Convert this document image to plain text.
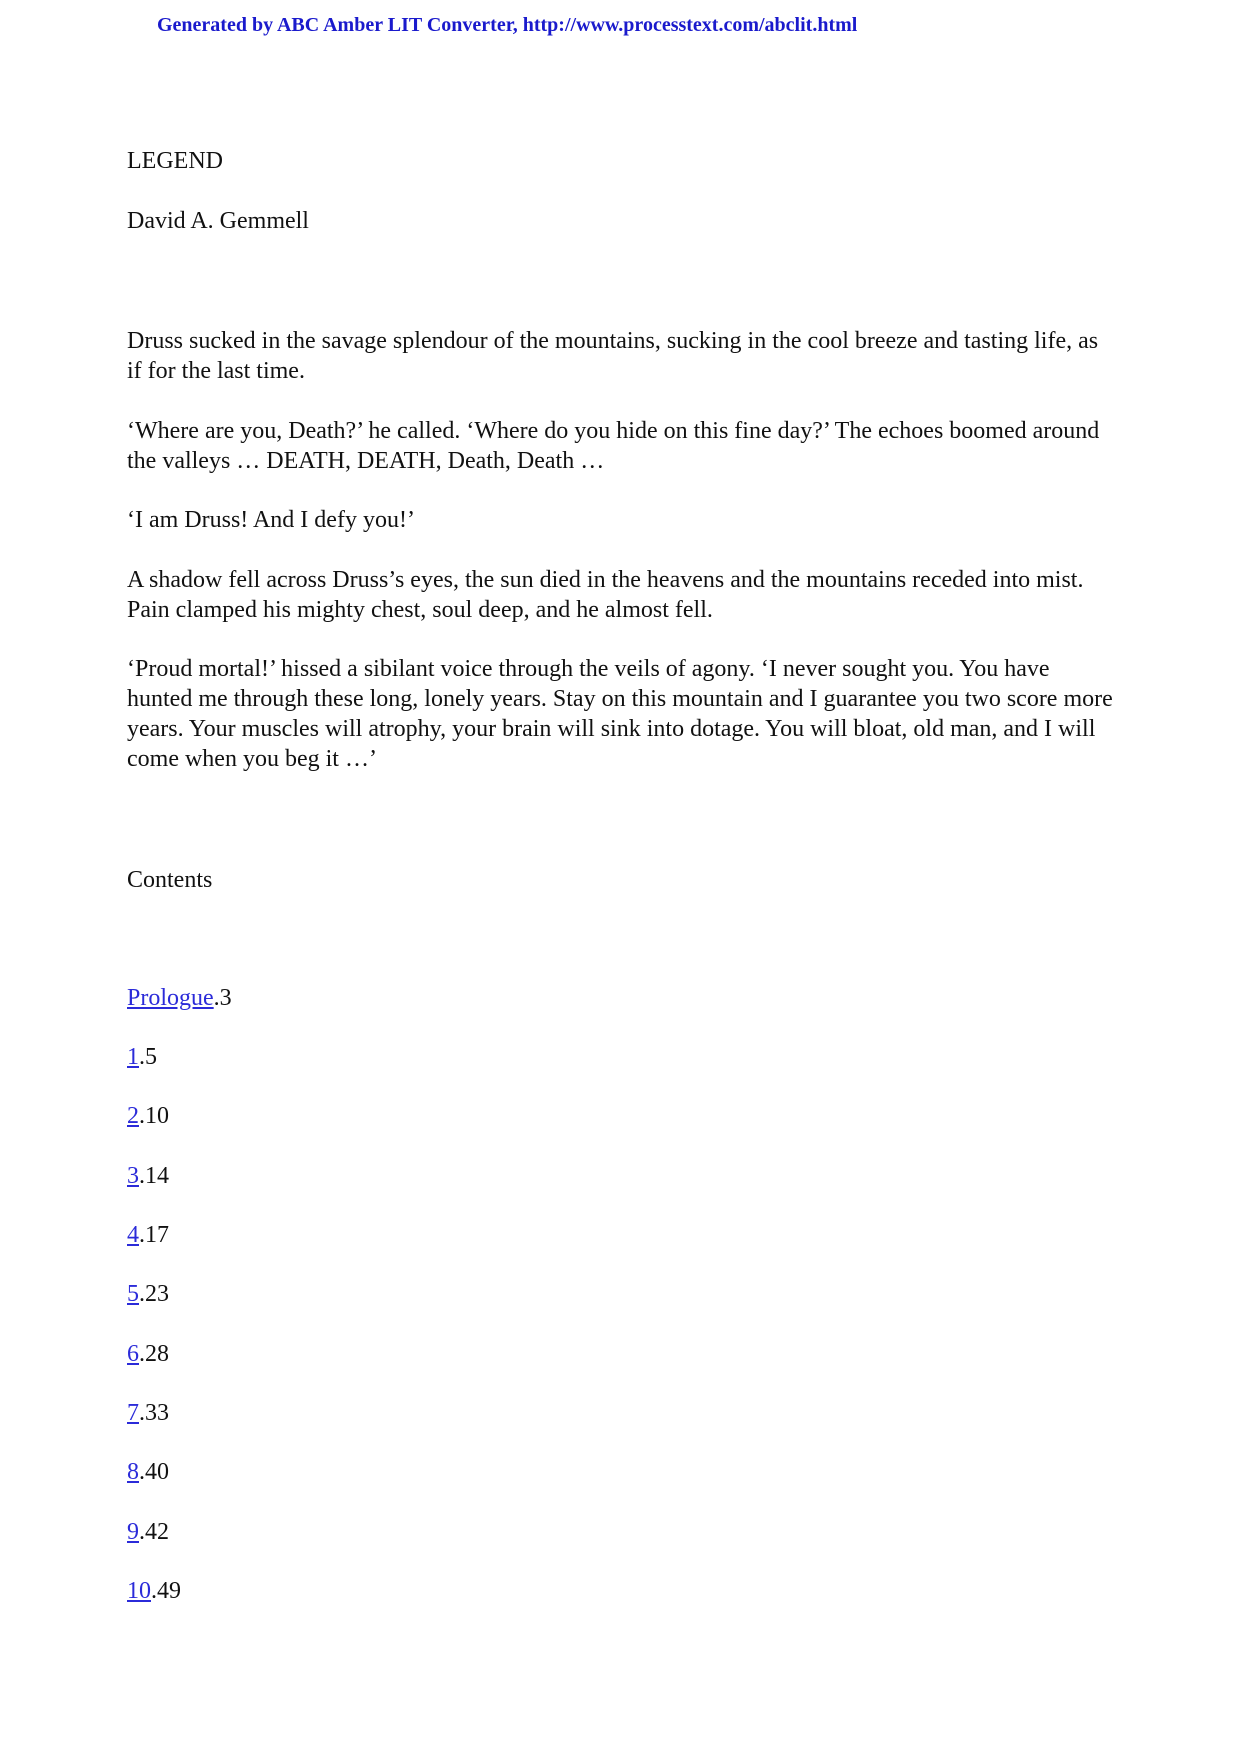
Generated by ABC Amber LIT Converter, http://www.processtext.com/abclit.html
LEGEND
David A. Gemmell
Druss sucked in the savage splendour of the mountains, sucking in the cool breeze and tasting life, as if for the last time.
‘Where are you, Death?’ he called. ‘Where do you hide on this fine day?’ The echoes boomed around the valleys … DEATH, DEATH, Death, Death …
‘I am Druss! And I defy you!’
A shadow fell across Druss’s eyes, the sun died in the heavens and the mountains receded into mist. Pain clamped his mighty chest, soul deep, and he almost fell.
‘Proud mortal!’ hissed a sibilant voice through the veils of agony. ‘I never sought you. You have hunted me through these long, lonely years. Stay on this mountain and I guarantee you two score more years. Your muscles will atrophy, your brain will sink into dotage. You will bloat, old man, and I will come when you beg it …’
Contents
Prologue.3
1.5
2.10
3.14
4.17
5.23
6.28
7.33
8.40
9.42
10.49
